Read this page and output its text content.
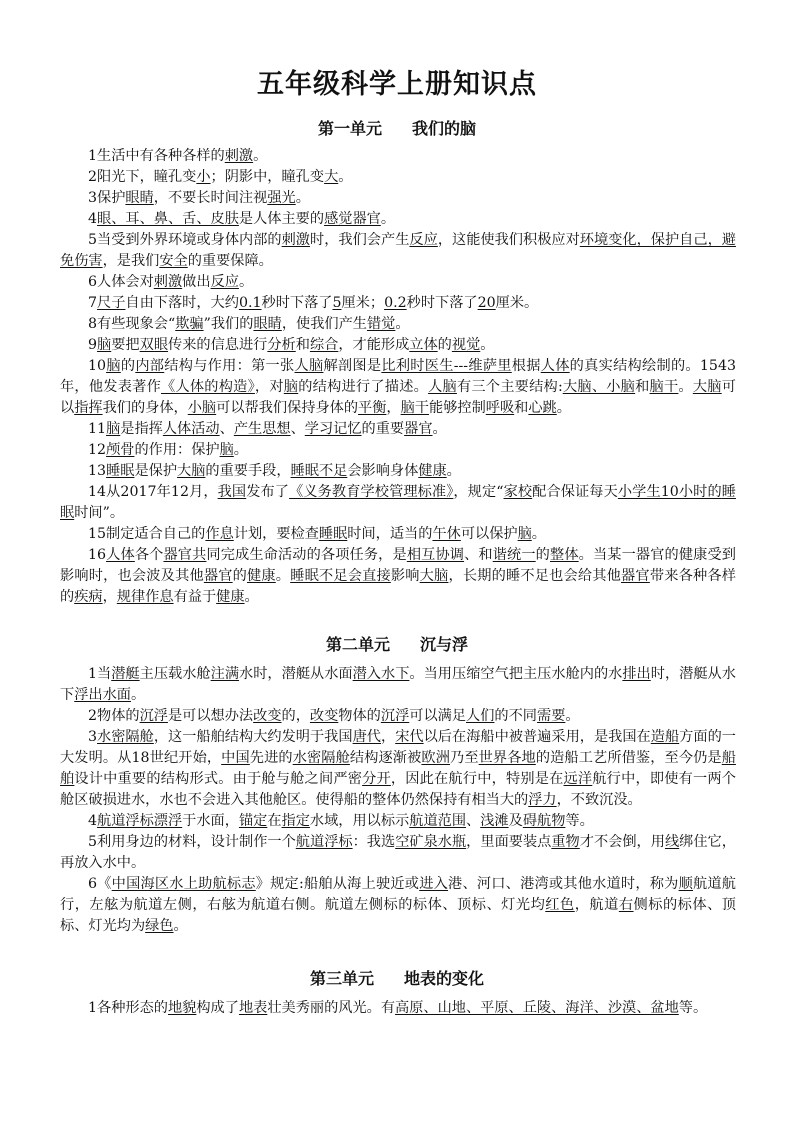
五年级科学上册知识点
第一单元 我们的脑

1生活中有各种各样的刺激。

2阳光下，瞳孔变小；阴影中，瞳孔变大。

3保护眼睛，不要长时间注视强光。

4眼、耳、鼻、舌、皮肤是人体主要的感觉器官。

5当受到外界环境或身体内部的刺激时，我们会产生反应，这能使我们积极应对环境变化，保护自己，避免伤害，是我们安全的重要保障。

6人体会对刺激做出反应。

7尺子自由下落时，大约0.1秒时下落了5厘米；0.2秒时下落了20厘米。

8有些现象会“欺骗”我们的眼睛，使我们产生错觉。

9脑要把双眼传来的信息进行分析和综合，才能形成立体的视觉。

10脑的内部结构与作用：第一张人脑解剖图是比利时医生---维萨里根据人体的真实结构绘制的。1543年，他发表著作《人体的构造》，对脑的结构进行了描述。人脑有三个主要结构:大脑、小脑和脑干。大脑可以指挥我们的身体，小脑可以帮我们保持身体的平衡，脑干能够控制呼吸和心跳。

11脑是指挥人体活动、产生思想、学习记忆的重要器官。

12颅骨的作用：保护脑。

13睡眠是保护大脑的重要手段，睡眠不足会影响身体健康。

14从2017年12月，我国发布了《义务教育学校管理标准》，规定“家校配合保证每天小学生10小时的睡眠时间”。

15制定适合自己的作息计划，要检查睡眠时间，适当的午休可以保护脑。

16人体各个器官共同完成生命活动的各项任务，是相互协调、和谐统一的整体。当某一器官的健康受到影响时，也会波及其他器官的健康。睡眠不足会直接影响大脑，长期的睡不足也会给其他器官带来各种各样的疾病，规律作息有益于健康。

第二单元 沉与浮

1当潜艇主压载水舱注满水时，潜艇从水面潜入水下。当用压缩空气把主压水舱内的水排出时，潜艇从水下浮出水面。

2物体的沉浮是可以想办法改变的，改变物体的沉浮可以满足人们的不同需要。

3水密隔舱，这一船舶结构大约发明于我国唐代，宋代以后在海船中被普遍采用，是我国在造船方面的一大发明。从18世纪开始，中国先进的水密隔舱结构逐渐被欧洲乃至世界各地的造船工艺所借鉴，至今仍是船舶设计中重要的结构形式。由于舱与舱之间严密分开，因此在航行中，特别是在远洋航行中，即使有一两个舱区破损进水，水也不会进入其他舱区。使得船的整体仍然保持有相当大的浮力，不致沉没。

4航道浮标漂浮于水面，锚定在指定水域，用以标示航道范围、浅滩及碍航物等。

5利用身边的材料，设计制作一个航道浮标：我选空矿泉水瓶，里面要装点重物才不会倒，用线绑住它，再放入水中。

6《中国海区水上助航标志》规定:船舶从海上驶近或进入港、河口、港湾或其他水道时，称为顺航道航行，左舷为航道左侧，右舷为航道右侧。航道左侧标的标体、顶标、灯光均红色，航道右侧标的标体、顶标、灯光均为绿色。

第三单元 地表的变化

1各种形态的地貌构成了地表壮美秀丽的风光。有高原、山地、平原、丘陵、海洋、沙漠、盆地等。
